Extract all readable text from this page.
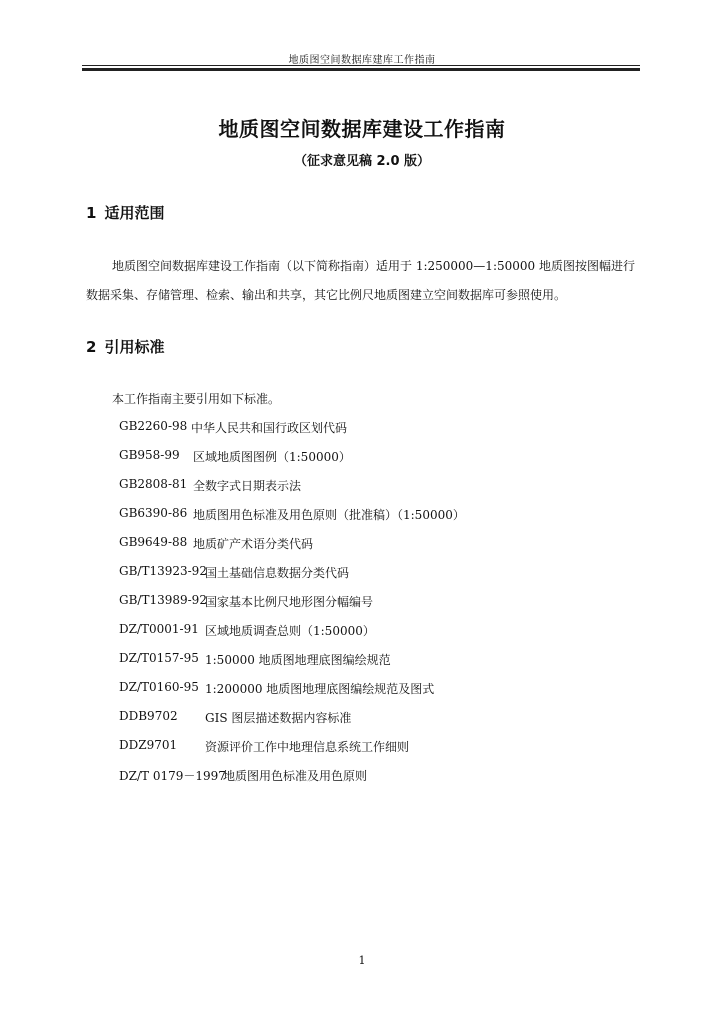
地质图空间数据库建库工作指南
地质图空间数据库建设工作指南
（征求意见稿 2.0 版）
1 适用范围
地质图空间数据库建设工作指南（以下简称指南）适用于 1:250000—1:50000 地质图按图幅进行
数据采集、存储管理、检索、输出和共享，其它比例尺地质图建立空间数据库可参照使用。
2 引用标准
本工作指南主要引用如下标准。
GB2260-98 中华人民共和国行政区划代码
GB958-99 区域地质图图例（1:50000）
GB2808-81 全数字式日期表示法
GB6390-86 地质图用色标准及用色原则（批准稿）（1:50000）
GB9649-88 地质矿产术语分类代码
GB/T13923-92国土基础信息数据分类代码
GB/T13989-92国家基本比例尺地形图分幅编号
DZ/T0001-91 区域地质调查总则（1:50000）
DZ/T0157-95 1:50000 地质图地理底图编绘规范
DZ/T0160-95 1:200000 地质图地理底图编绘规范及图式
DDB9702 GIS 图层描述数据内容标准
DDZ9701 资源评价工作中地理信息系统工作细则
DZ/T 0179－1997地质图用色标准及用色原则
1
